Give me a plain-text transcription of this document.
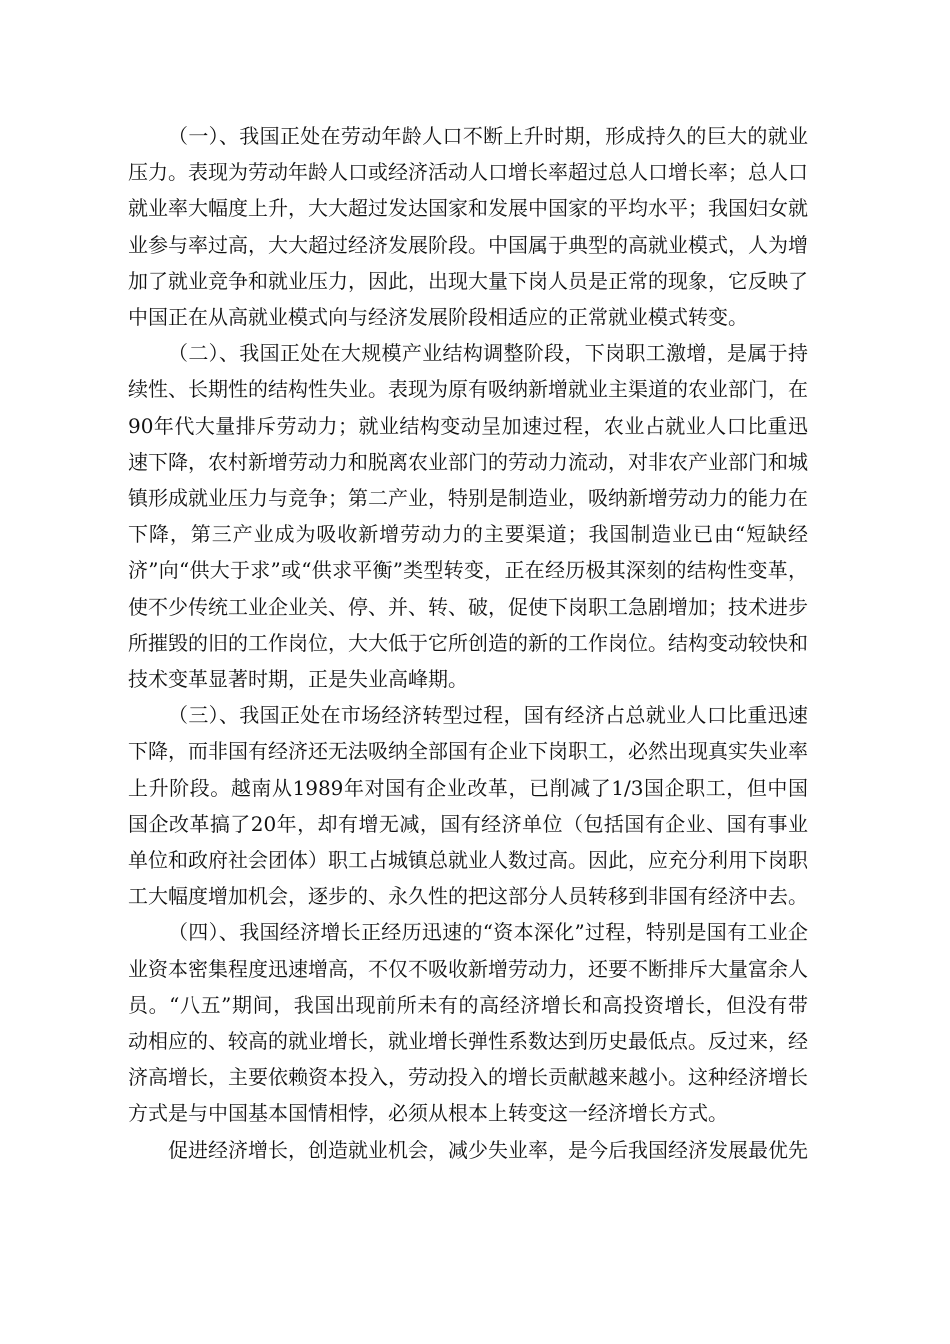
（一）、我国正处在劳动年龄人口不断上升时期，形成持久的巨大的就业压力。表现为劳动年龄人口或经济活动人口增长率超过总人口增长率；总人口就业率大幅度上升，大大超过发达国家和发展中国家的平均水平；我国妇女就业参与率过高，大大超过经济发展阶段。中国属于典型的高就业模式，人为增加了就业竞争和就业压力，因此，出现大量下岗人员是正常的现象，它反映了中国正在从高就业模式向与经济发展阶段相适应的正常就业模式转变。

（二）、我国正处在大规模产业结构调整阶段，下岗职工激增，是属于持续性、长期性的结构性失业。表现为原有吸纳新增就业主渠道的农业部门，在90年代大量排斥劳动力；就业结构变动呈加速过程，农业占就业人口比重迅速下降，农村新增劳动力和脱离农业部门的劳动力流动，对非农产业部门和城镇形成就业压力与竞争；第二产业，特别是制造业，吸纳新增劳动力的能力在下降，第三产业成为吸收新增劳动力的主要渠道；我国制造业已由“短缺经济”向“供大于求”或“供求平衡”类型转变，正在经历极其深刻的结构性变革，使不少传统工业企业关、停、并、转、破，促使下岗职工急剧增加；技术进步所摧毁的旧的工作岗位，大大低于它所创造的新的工作岗位。结构变动较快和技术变革显著时期，正是失业高峰期。

（三）、我国正处在市场经济转型过程，国有经济占总就业人口比重迅速下降，而非国有经济还无法吸纳全部国有企业下岗职工，必然出现真实失业率上升阶段。越南从1989年对国有企业改革，已削减了1/3国企职工，但中国国企改革搞了20年，却有增无减，国有经济单位（包括国有企业、国有事业单位和政府社会团体）职工占城镇总就业人数过高。因此，应充分利用下岗职工大幅度增加机会，逐步的、永久性的把这部分人员转移到非国有经济中去。

（四）、我国经济增长正经历迅速的“资本深化”过程，特别是国有工业企业资本密集程度迅速增高，不仅不吸收新增劳动力，还要不断排斥大量富余人员。“八五”期间，我国出现前所未有的高经济增长和高投资增长，但没有带动相应的、较高的就业增长，就业增长弹性系数达到历史最低点。反过来，经济高增长，主要依赖资本投入，劳动投入的增长贡献越来越小。这种经济增长方式是与中国基本国情相悖，必须从根本上转变这一经济增长方式。

促进经济增长，创造就业机会，减少失业率，是今后我国经济发展最优先
